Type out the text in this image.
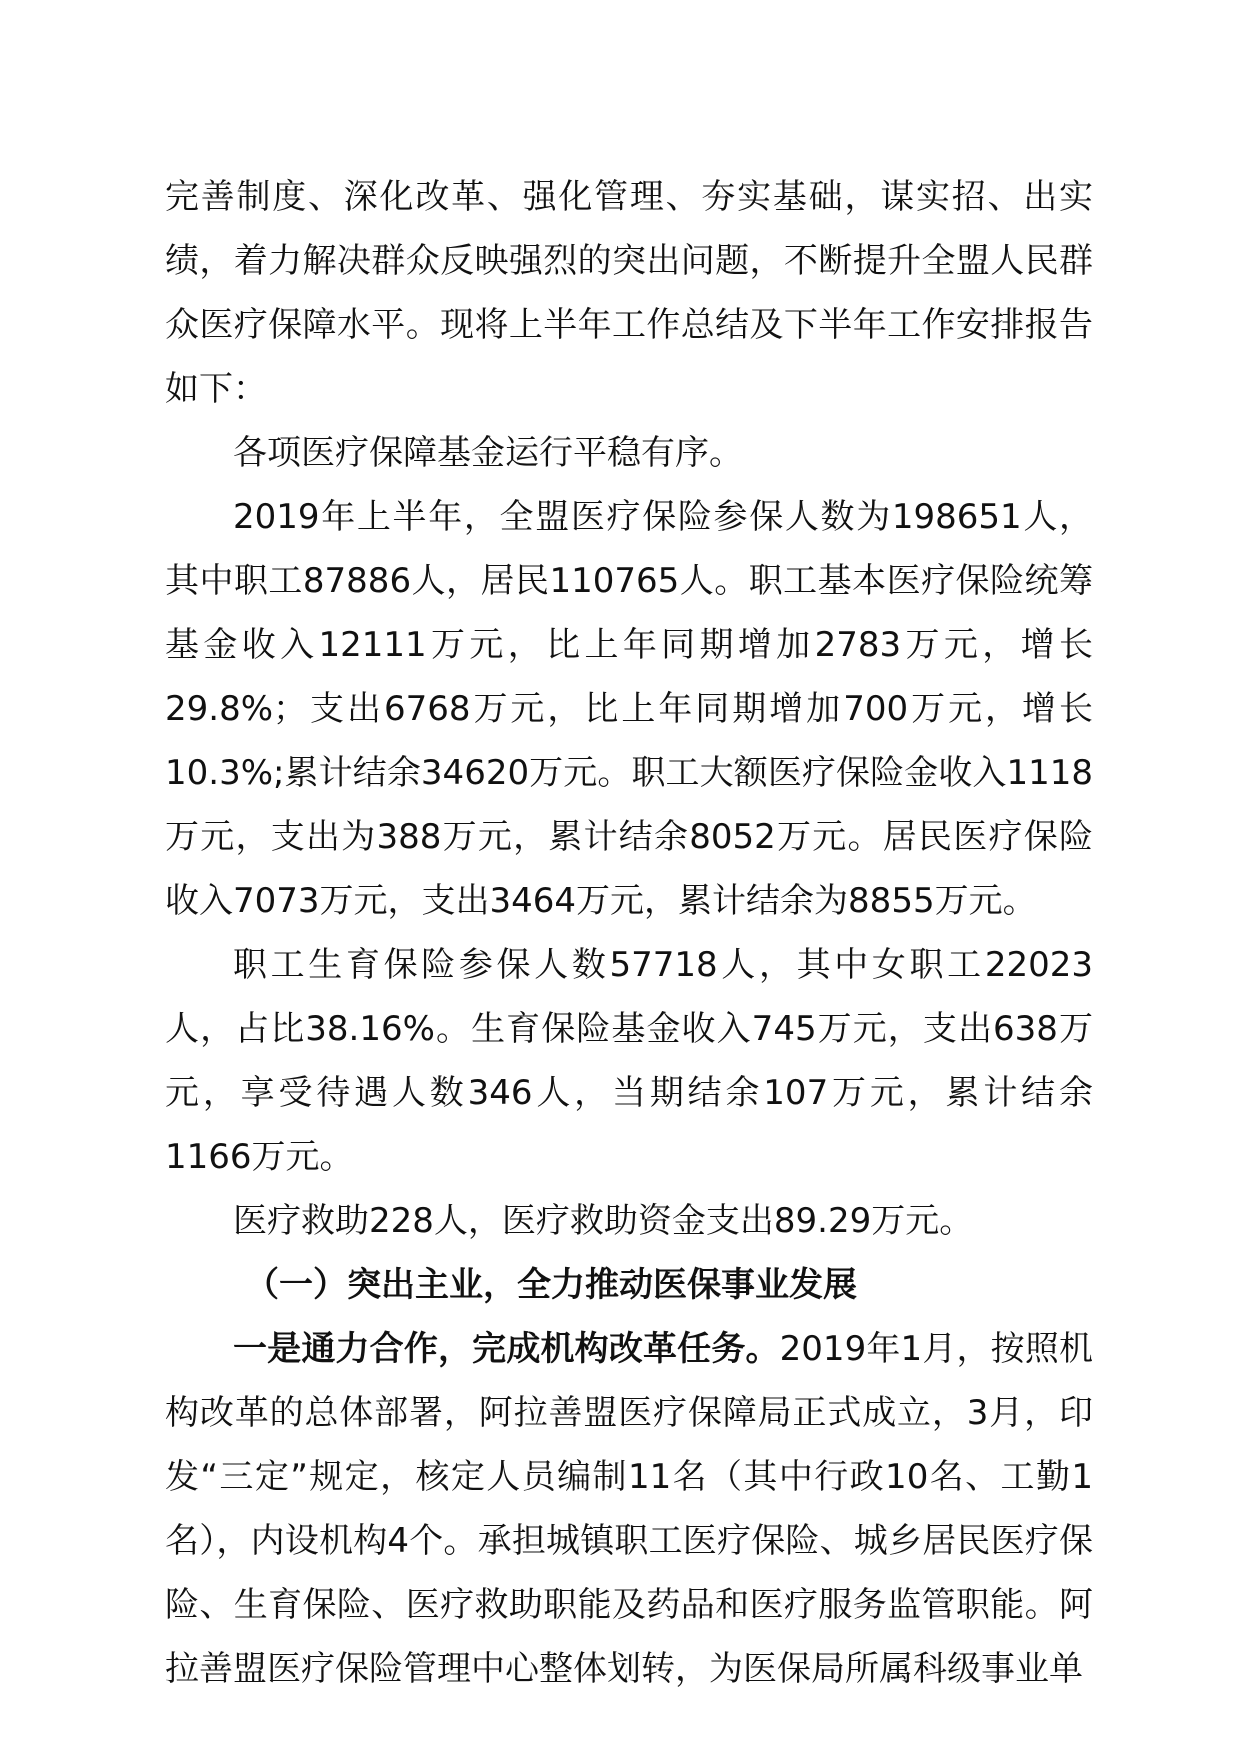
完善制度、深化改革、强化管理、夯实基础，谋实招、出实绩，着力解决群众反映强烈的突出问题，不断提升全盟人民群众医疗保障水平。现将上半年工作总结及下半年工作安排报告如下：

各项医疗保障基金运行平稳有序。

2019年上半年，全盟医疗保险参保人数为198651人，其中职工87886人，居民110765人。职工基本医疗保险统筹基金收入12111万元，比上年同期增加2783万元，增长29.8%；支出6768万元，比上年同期增加700万元，增长10.3%;累计结余34620万元。职工大额医疗保险金收入1118万元，支出为388万元，累计结余8052万元。居民医疗保险收入7073万元，支出3464万元，累计结余为8855万元。

职工生育保险参保人数57718人，其中女职工22023人，占比38.16%。生育保险基金收入745万元，支出638万元，享受待遇人数346人，当期结余107万元，累计结余1166万元。

医疗救助228人，医疗救助资金支出89.29万元。

（一）突出主业，全力推动医保事业发展

一是通力合作，完成机构改革任务。2019年1月，按照机构改革的总体部署，阿拉善盟医疗保障局正式成立，3月，印发“三定”规定，核定人员编制11名（其中行政10名、工勤1名），内设机构4个。承担城镇职工医疗保险、城乡居民医疗保险、生育保险、医疗救助职能及药品和医疗服务监管职能。阿拉善盟医疗保险管理中心整体划转，为医保局所属科级事业单
